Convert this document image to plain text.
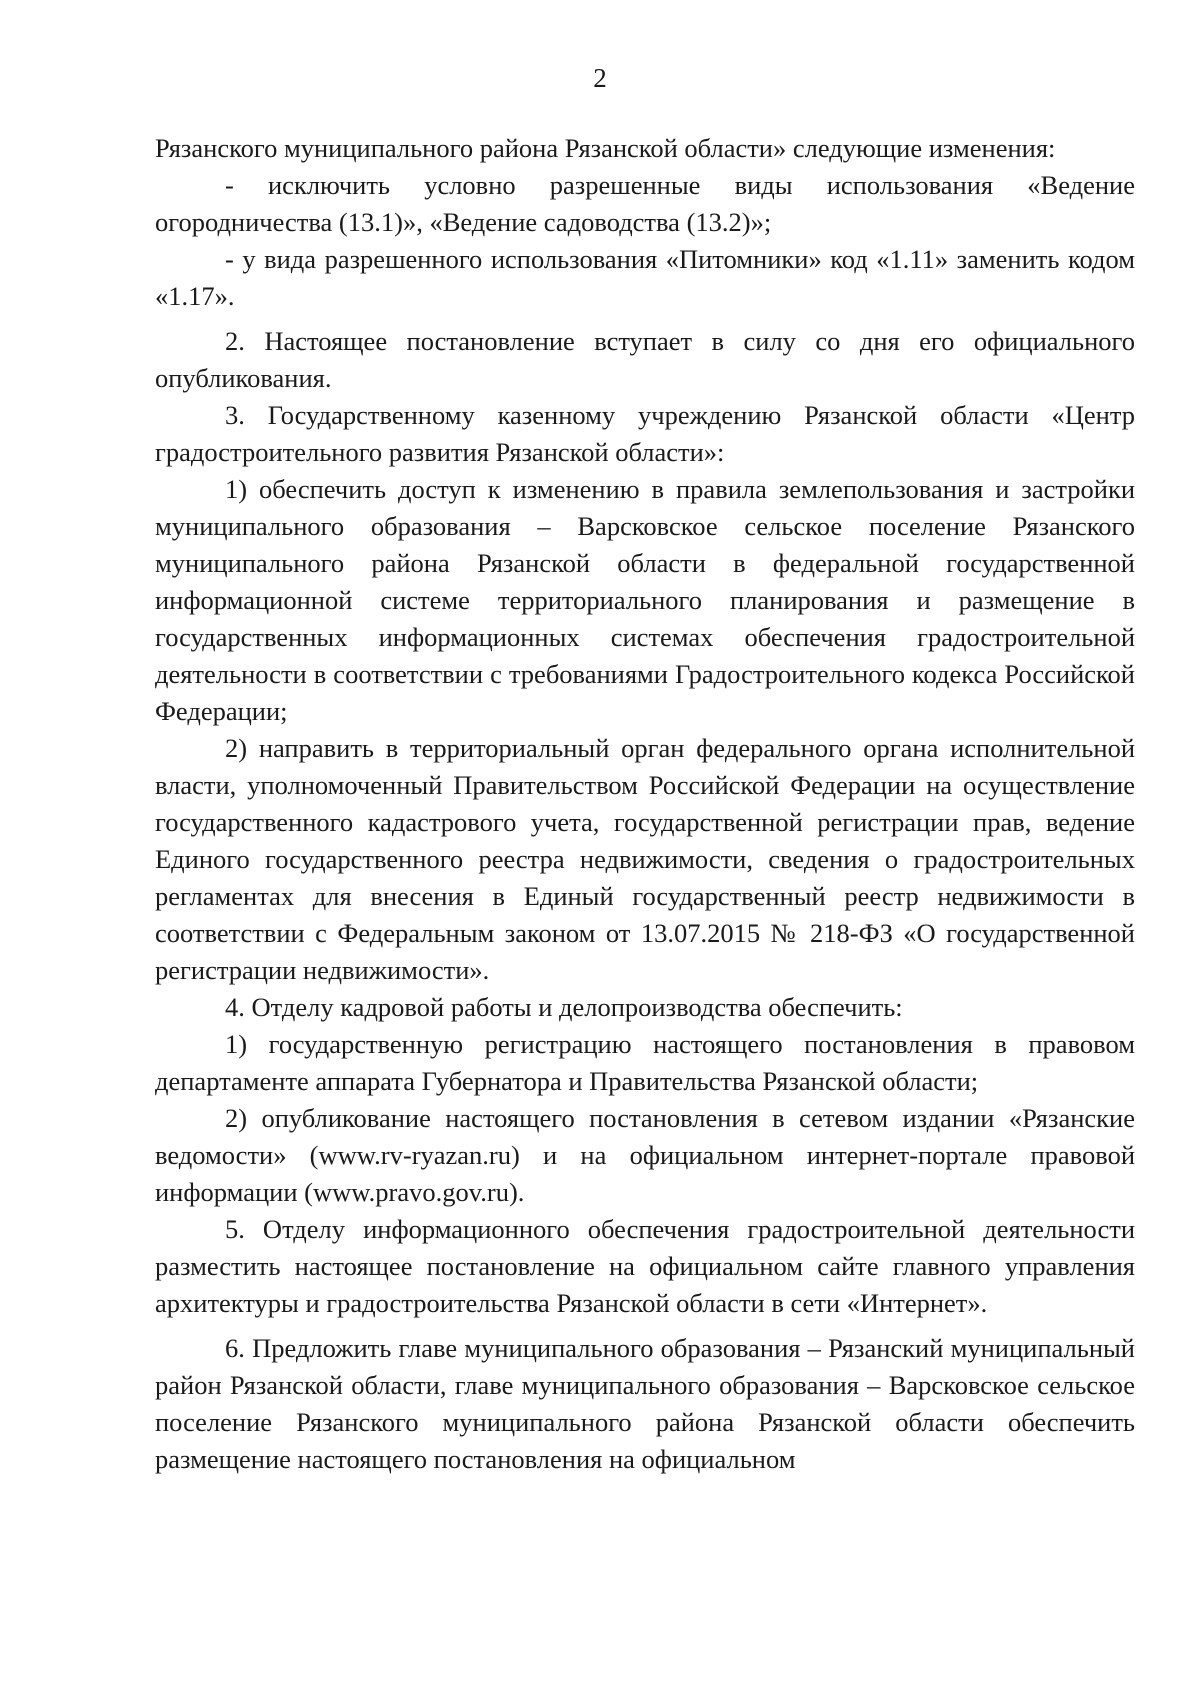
2

Рязанского муниципального района Рязанской области» следующие изменения:

- исключить условно разрешенные виды использования «Ведение огородничества (13.1)», «Ведение садоводства (13.2)»;

- у вида разрешенного использования «Питомники» код «1.11» заменить кодом «1.17».

2. Настоящее постановление вступает в силу со дня его официального опубликования.

3. Государственному казенному учреждению Рязанской области «Центр градостроительного развития Рязанской области»:

1) обеспечить доступ к изменению в правила землепользования и застройки муниципального образования – Варсковское сельское поселение Рязанского муниципального района Рязанской области в федеральной государственной информационной системе территориального планирования и размещение в государственных информационных системах обеспечения градостроительной деятельности в соответствии с требованиями Градостроительного кодекса Российской Федерации;

2) направить в территориальный орган федерального органа исполнительной власти, уполномоченный Правительством Российской Федерации на осуществление государственного кадастрового учета, государственной регистрации прав, ведение Единого государственного реестра недвижимости, сведения о градостроительных регламентах для внесения в Единый государственный реестр недвижимости в соответствии с Федеральным законом от 13.07.2015 № 218-ФЗ «О государственной регистрации недвижимости».

4. Отделу кадровой работы и делопроизводства обеспечить:

1) государственную регистрацию настоящего постановления в правовом департаменте аппарата Губернатора и Правительства Рязанской области;

2) опубликование настоящего постановления в сетевом издании «Рязанские ведомости» (www.rv-ryazan.ru) и на официальном интернет-портале правовой информации (www.pravo.gov.ru).

5. Отделу информационного обеспечения градостроительной деятельности разместить настоящее постановление на официальном сайте главного управления архитектуры и градостроительства Рязанской области в сети «Интернет».

6. Предложить главе муниципального образования – Рязанский муниципальный район Рязанской области, главе муниципального образования – Варсковское сельское поселение Рязанского муниципального района Рязанской области обеспечить размещение настоящего постановления на официальном
